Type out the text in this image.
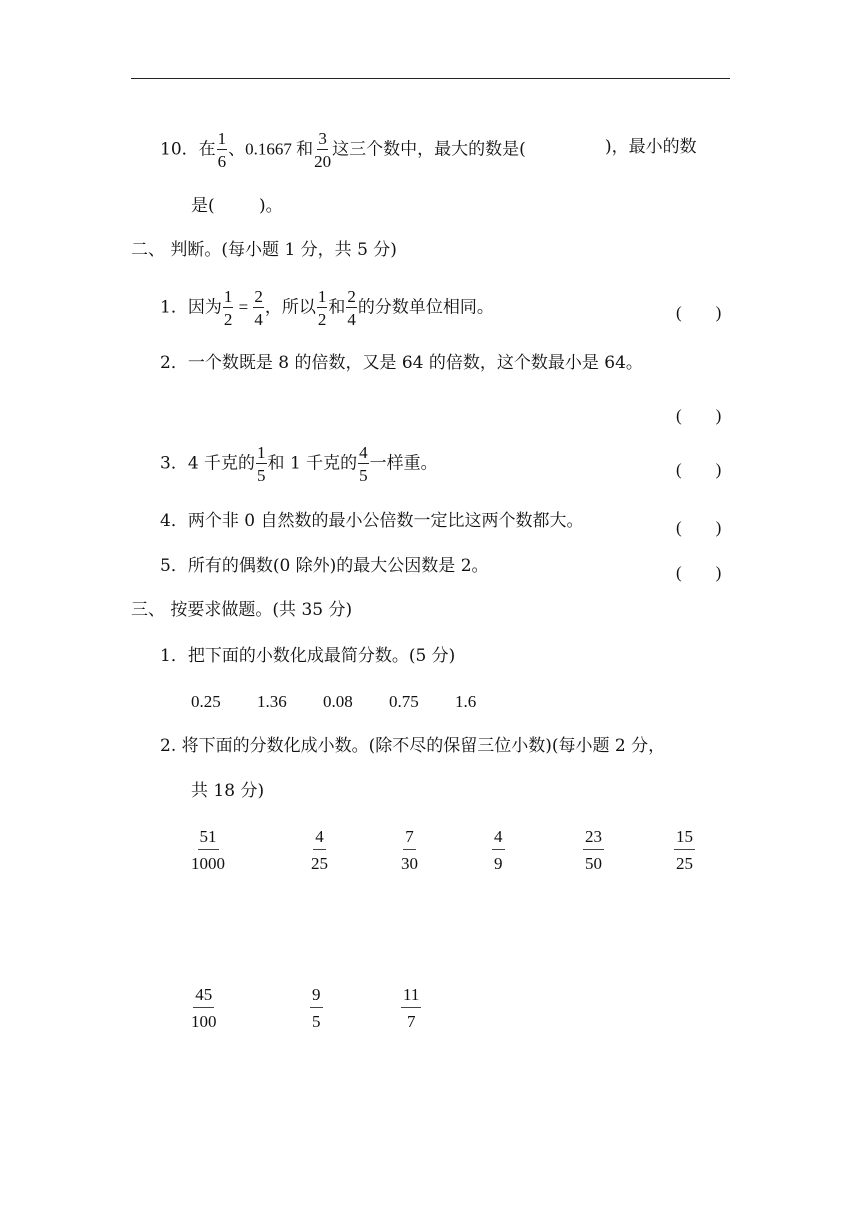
10．在 $\frac{1}{6}$ 、0.1667 和 $\frac{3}{20}$ 这三个数中，最大的数是(	)，最小的数
是(	)。
二、 判断。(每小题 1 分，共 5 分)
1．因为 $\frac{1}{2} = \frac{2}{4}$ ，所以 $\frac{1}{2}$ 和 $\frac{2}{4}$ 的分数单位相同。	(　　)
2．一个数既是 8 的倍数，又是 64 的倍数，这个数最小是 64。
(　　)
3．4 千克的 $\frac{1}{5}$ 和 1 千克的 $\frac{4}{5}$ 一样重。	(　　)
4．两个非 0 自然数的最小公倍数一定比这两个数都大。	(　　)
5．所有的偶数(0 除外)的最大公因数是 2。	(　　)
三、 按要求做题。(共 35 分)
1．把下面的小数化成最简分数。(5 分)
0.25 1.36 0.08 0.75 1.6
2. 将下面的分数化成小数。(除不尽的保留三位小数)(每小题 2 分，
共 18 分)
$\frac{51}{1000}$	$\frac{4}{25}$	$\frac{7}{30}$	$\frac{4}{9}$	$\frac{23}{50}$	$\frac{15}{25}$
$\frac{45}{100}$	$\frac{9}{5}$	$\frac{11}{7}$
